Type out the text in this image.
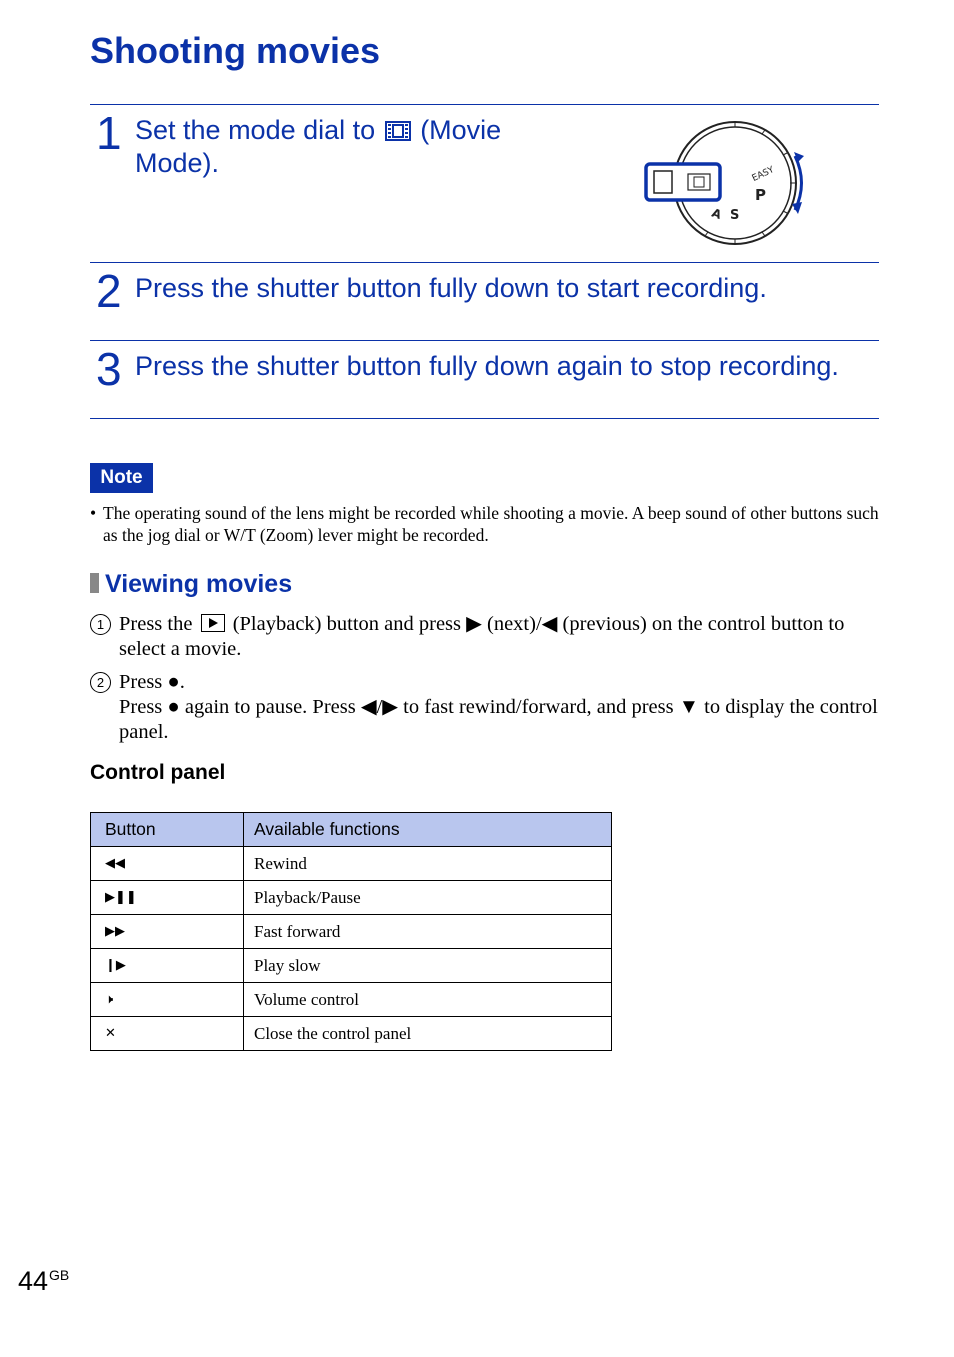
Shooting movies
1 Set the mode dial to (Movie Mode).	EASY
P
S
A
2 Press the shutter button fully down to start recording.
3 Press the shutter button fully down again to stop recording.
Note
• The operating sound of the lens might be recorded while shooting a movie. A beep sound of other buttons such as the jog dial or W/T (Zoom) lever might be recorded.
Viewing movies
1 Press the (Playback) button and press ▶ (next)/◀ (previous) on the control button to select a movie.
2 Press ●.
Press ● again to pause. Press ◀/▶ to fast rewind/forward, and press ▼ to display the control panel.
Control panel
Button	Available functions
◀◀	Rewind
▶❚❚	Playback/Pause
▶▶	Fast forward
❙▶	Play slow
🕨	Volume control
✕	Close the control panel
$44^{GB}$
